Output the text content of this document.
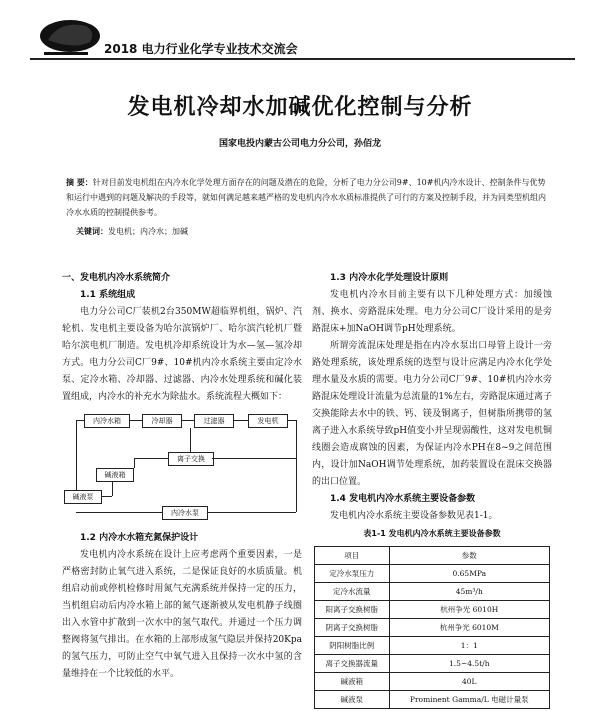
2018 电力行业化学专业技术交流会
发电机冷却水加碱优化控制与分析
国家电投内蒙古公司电力分公司，孙佰龙
摘 要：针对目前发电机组在内冷水化学处理方面存在的问题及潜在的危险，分析了电力分公司9#、10#机内冷水设计、控制条件与优势和运行中遇到的问题及解决的手段等，就如何满足越来越严格的发电机内冷水水质标准提供了可行的方案及控制手段，并为同类型机组内冷水水质的控制提供参考。
关键词：发电机；内冷水；加碱
一、发电机内冷水系统简介
1.1 系统组成

电力分公司C厂装机2台350MW超临界机组，锅炉、汽轮机、发电机主要设备为哈尔滨锅炉厂、哈尔滨汽轮机厂暨哈尔滨电机厂制造。发电机冷却系统设计为水—氢—氢冷却方式。电力分公司C厂9#、10#机内冷水系统主要由定冷水泵、定冷水箱、冷却器、过滤器、内冷水处理系统和碱化装置组成，内冷水的补充水为除盐水。系统流程大概如下：

内冷水箱	冷却器	过滤器	发电机
离子交换
碱液箱
碱液泵
内冷水泵
1.2 内冷水水箱充氮保护设计

发电机内冷水系统在设计上应考虑两个重要因素，一是严格密封防止氧气进入系统，二是保证良好的水质质量。机组启动前或停机检修时用氮气充满系统并保持一定的压力，当机组启动后内冷水箱上部的氮气逐渐被从发电机静子线圈出入水管中扩散到一次水中的氢气取代。并通过一个压力调整阀将氢气排出。在水箱的上部形成氢气隐层并保持20Kpa的氢气压力，可防止空气中氧气进入且保持一次水中氢的含量维持在一个比较低的水平。

1.3 内冷水化学处理设计原则

发电机内冷水目前主要有以下几种处理方式：加缓蚀剂、换水、旁路混床处理。电力分公司C厂设计采用的是旁路混床+加NaOH调节pH处理系统。

所谓旁流混床处理是指在内冷水泵出口母管上设计一旁路处理系统，该处理系统的选型与设计应满足内冷水化学处理水量及水质的需要。电力分公司C厂9#、10#机内冷水旁路混床处理设计流量为总流量的1%左右，旁路混床通过离子交换能除去水中的铁、钙、镁及铜离子，但树脂所携带的氢离子进入水系统导致pH值变小并呈现弱酸性，这对发电机铜线圈会造成腐蚀的因素，为保证内冷水PH在8~9之间范围内，设计加NaOH调节处理系统，加药装置设在混床交换器的出口位置。

1.4 发电机内冷水系统主要设备参数

发电机内冷水系统主要设备参数见表1-1。

表1-1 发电机内冷水系统主要设备参数
项目	参数
定冷水泵压力	0.65MPa
定冷水流量	45m³/h
阳离子交换树脂	杭州争光 6010H
阴离子交换树脂	杭州争光 6010M
阴阳树脂比例	1：1
离子交换器流量	1.5~4.5t/h
碱液箱	40L
碱液泵	Prominent Gamma/L 电磁计量泵
